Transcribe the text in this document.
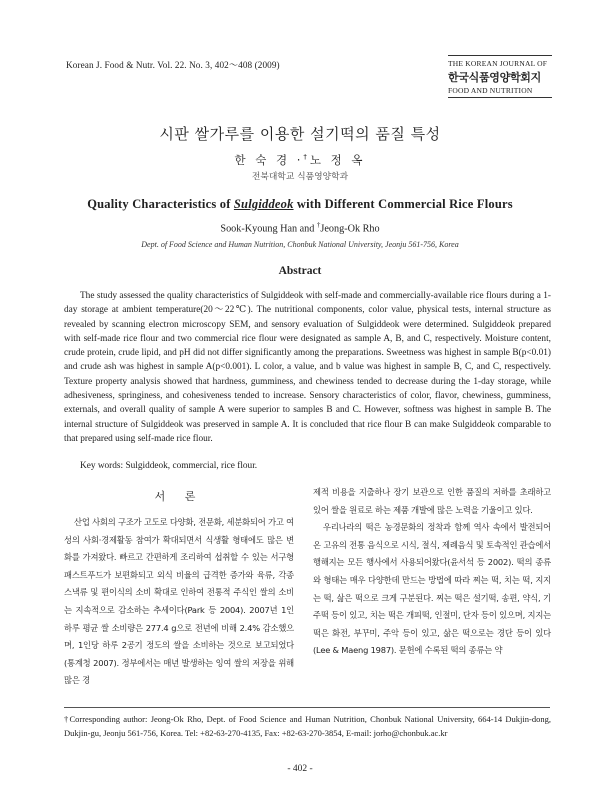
Korean J. Food & Nutr. Vol. 22. No. 3, 402～408 (2009)	THE KOREAN JOURNAL OF
한국식품영양학회지
FOOD AND NUTRITION
시판 쌀가루를 이용한 설기떡의 품질 특성
한 숙 경 ·†노 정 옥
전북대학교 식품영양학과
Quality Characteristics of Sulgiddeok with Different Commercial Rice Flours
Sook-Kyoung Han and †Jeong-Ok Rho
Dept. of Food Science and Human Nutrition, Chonbuk National University, Jeonju 561-756, Korea
Abstract
The study assessed the quality characteristics of Sulgiddeok with self-made and commercially-available rice flours during a 1-day storage at ambient temperature(20～22℃). The nutritional components, color value, physical tests, internal structure as revealed by scanning electron microscopy SEM, and sensory evaluation of Sulgiddeok were determined. Sulgiddeok prepared with self-made rice flour and two commercial rice flour were designated as sample A, B, and C, respectively. Moisture content, crude protein, crude lipid, and pH did not differ significantly among the preparations. Sweetness was highest in sample B(p<0.01) and crude ash was highest in sample A(p<0.001). L color, a value, and b value was highest in sample B, C, and C, respectively. Texture property analysis showed that hardness, gumminess, and chewiness tended to decrease during the 1-day storage, while adhesiveness, springiness, and cohesiveness tended to increase. Sensory characteristics of color, flavor, chewiness, gumminess, externals, and overall quality of sample A were superior to samples B and C. However, softness was highest in sample B. The internal structure of Sulgiddeok was preserved in sample A. It is concluded that rice flour B can make Sulgiddeok comparable to that prepared using self-made rice flour.
Key words: Sulgiddeok, commercial, rice flour.
서 론
산업 사회의 구조가 고도로 다양화, 전문화, 세분화되어 가고 여성의 사회·경제활동 참여가 확대되면서 식생활 형태에도 많은 변화를 가져왔다. 빠르고 간편하게 조리하여 섭취할 수 있는 서구형 패스트푸드가 보편화되고 외식 비율의 급격한 증가와 육류, 각종 스낵류 및 편이식의 소비 확대로 인하여 전통적 주식인 쌀의 소비는 지속적으로 감소하는 추세이다(Park 등 2004). 2007년 1인 하루 평균 쌀 소비량은 277.4 g으로 전년에 비해 2.4% 감소했으며, 1인당 하루 2공기 정도의 쌀을 소비하는 것으로 보고되었다(통계청 2007). 정부에서는 매년 발생하는 잉여 쌀의 저장을 위해 많은 경

제적 비용을 지출하나 장기 보관으로 인한 품질의 저하를 초래하고 있어 쌀을 원료로 하는 제품 개발에 많은 노력을 기울이고 있다.

우리나라의 떡은 농경문화의 정착과 함께 역사 속에서 발전되어온 고유의 전통 음식으로 시식, 절식, 제례음식 및 토속적인 관습에서 행해지는 모든 행사에서 사용되어왔다(윤서석 등 2002). 떡의 종류와 형태는 매우 다양한데 만드는 방법에 따라 찌는 떡, 치는 떡, 지지는 떡, 삶은 떡으로 크게 구분된다. 찌는 떡은 설기떡, 송편, 약식, 기주떡 등이 있고, 치는 떡은 개피떡, 인절미, 단자 등이 있으며, 지지는 떡은 화전, 부꾸미, 주악 등이 있고, 삶은 떡으로는 경단 등이 있다(Lee & Maeng 1987). 문헌에 수록된 떡의 종류는 약

†Corresponding author: Jeong-Ok Rho, Dept. of Food Science and Human Nutrition, Chonbuk National University, 664-14 Dukjin-dong, Dukjin-gu, Jeonju 561-756, Korea. Tel: +82-63-270-4135, Fax: +82-63-270-3854, E-mail: jorho@chonbuk.ac.kr
- 402 -
